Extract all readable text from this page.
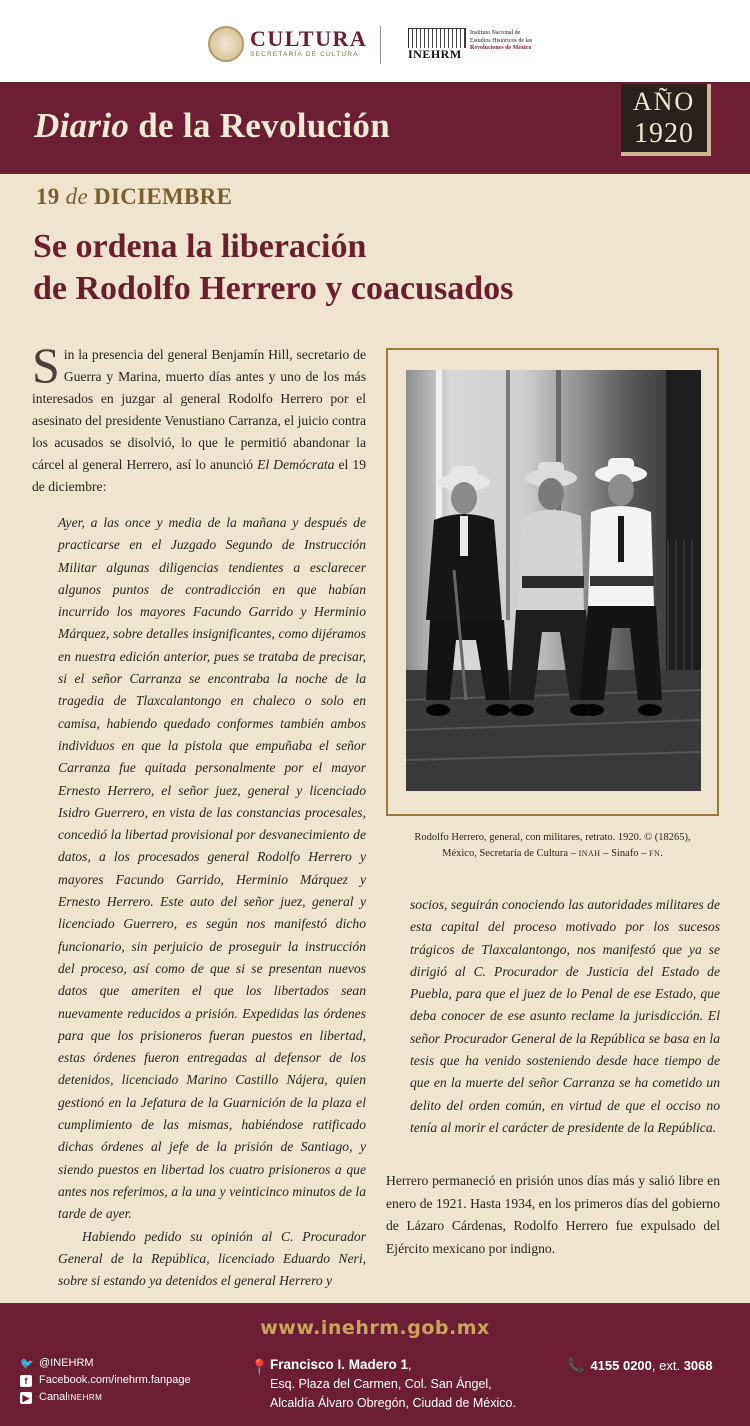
CULTURA
SECRETARÍA DE CULTURA	INEHRM
Instituto Nacional de
Estudios Históricos de las
Revoluciones de México
Diario de la Revolución
AÑO
1920
19 de DICIEMBRE
Se ordena la liberación
de Rodolfo Herrero y coacusados

Sin la presencia del general Benjamín Hill, secretario de Guerra y Marina, muerto días antes y uno de los más interesados en juzgar al general Rodolfo Herrero por el asesinato del presidente Venustiano Carranza, el juicio contra los acusados se disolvió, lo que le permitió abandonar la cárcel al general Herrero, así lo anunció El Demócrata el 19 de diciembre:

Ayer, a las once y media de la mañana y después de practicarse en el Juzgado Segundo de Instrucción Militar algunas diligencias tendientes a esclarecer algunos puntos de contradicción en que habían incurrido los mayores Facundo Garrido y Herminio Márquez, sobre detalles insignificantes, como dijéramos en nuestra edición anterior, pues se trataba de precisar, si el señor Carranza se encontraba la noche de la tragedia de Tlaxcalantongo en chaleco o solo en camisa, habiendo quedado conformes también ambos individuos en que la pistola que empuñaba el señor Carranza fue quitada personalmente por el mayor Ernesto Herrero, el señor juez, general y licenciado Isidro Guerrero, en vista de las constancias procesales, concedió la libertad provisional por desvanecimiento de datos, a los procesados general Rodolfo Herrero y mayores Facundo Garrido, Herminio Márquez y Ernesto Herrero. Este auto del señor juez, general y licenciado Guerrero, es según nos manifestó dicho funcionario, sin perjuicio de proseguir la instrucción del proceso, así como de que si se presentan nuevos datos que ameriten el que los libertados sean nuevamente reducidos a prisión. Expedidas las órdenes para que los prisioneros fueran puestos en libertad, estas órdenes fueron entregadas al defensor de los detenidos, licenciado Marino Castillo Nájera, quien gestionó en la Jefatura de la Guarnición de la plaza el cumplimiento de las mismas, habiéndose ratificado dichas órdenes al jefe de la prisión de Santiago, y siendo puestos en libertad los cuatro prisioneros a que antes nos referimos, a la una y veinticinco minutos de la tarde de ayer.

Habiendo pedido su opinión al C. Procurador General de la República, licenciado Eduardo Neri, sobre si estando ya detenidos el general Herrero y

Rodolfo Herrero, general, con militares, retrato. 1920. © (18265),
México, Secretaría de Cultura – INAH – Sinafo – FN.

socios, seguirán conociendo las autoridades militares de esta capital del proceso motivado por los sucesos trágicos de Tlaxcalantongo, nos manifestó que ya se dirigió al C. Procurador de Justicia del Estado de Puebla, para que el juez de lo Penal de ese Estado, que deba conocer de ese asunto reclame la jurisdicción. El señor Procurador General de la República se basa en la tesis que ha venido sosteniendo desde hace tiempo de que en la muerte del señor Carranza se ha cometido un delito del orden común, en virtud de que el occiso no tenía al morir el carácter de presidente de la República.

Herrero permaneció en prisión unos días más y salió libre en enero de 1921. Hasta 1934, en los primeros días del gobierno de Lázaro Cárdenas, Rodolfo Herrero fue expulsado del Ejército mexicano por indigno.

www.inehrm.gob.mx
🐦 @INEHRM
f	Facebook.com/inehrm.fanpage
▶ Canal INEHRM
📍 Francisco I. Madero 1,
Esq. Plaza del Carmen, Col. San Ángel,
Alcaldía Álvaro Obregón, Ciudad de México.
📞 4155 0200, ext. 3068
